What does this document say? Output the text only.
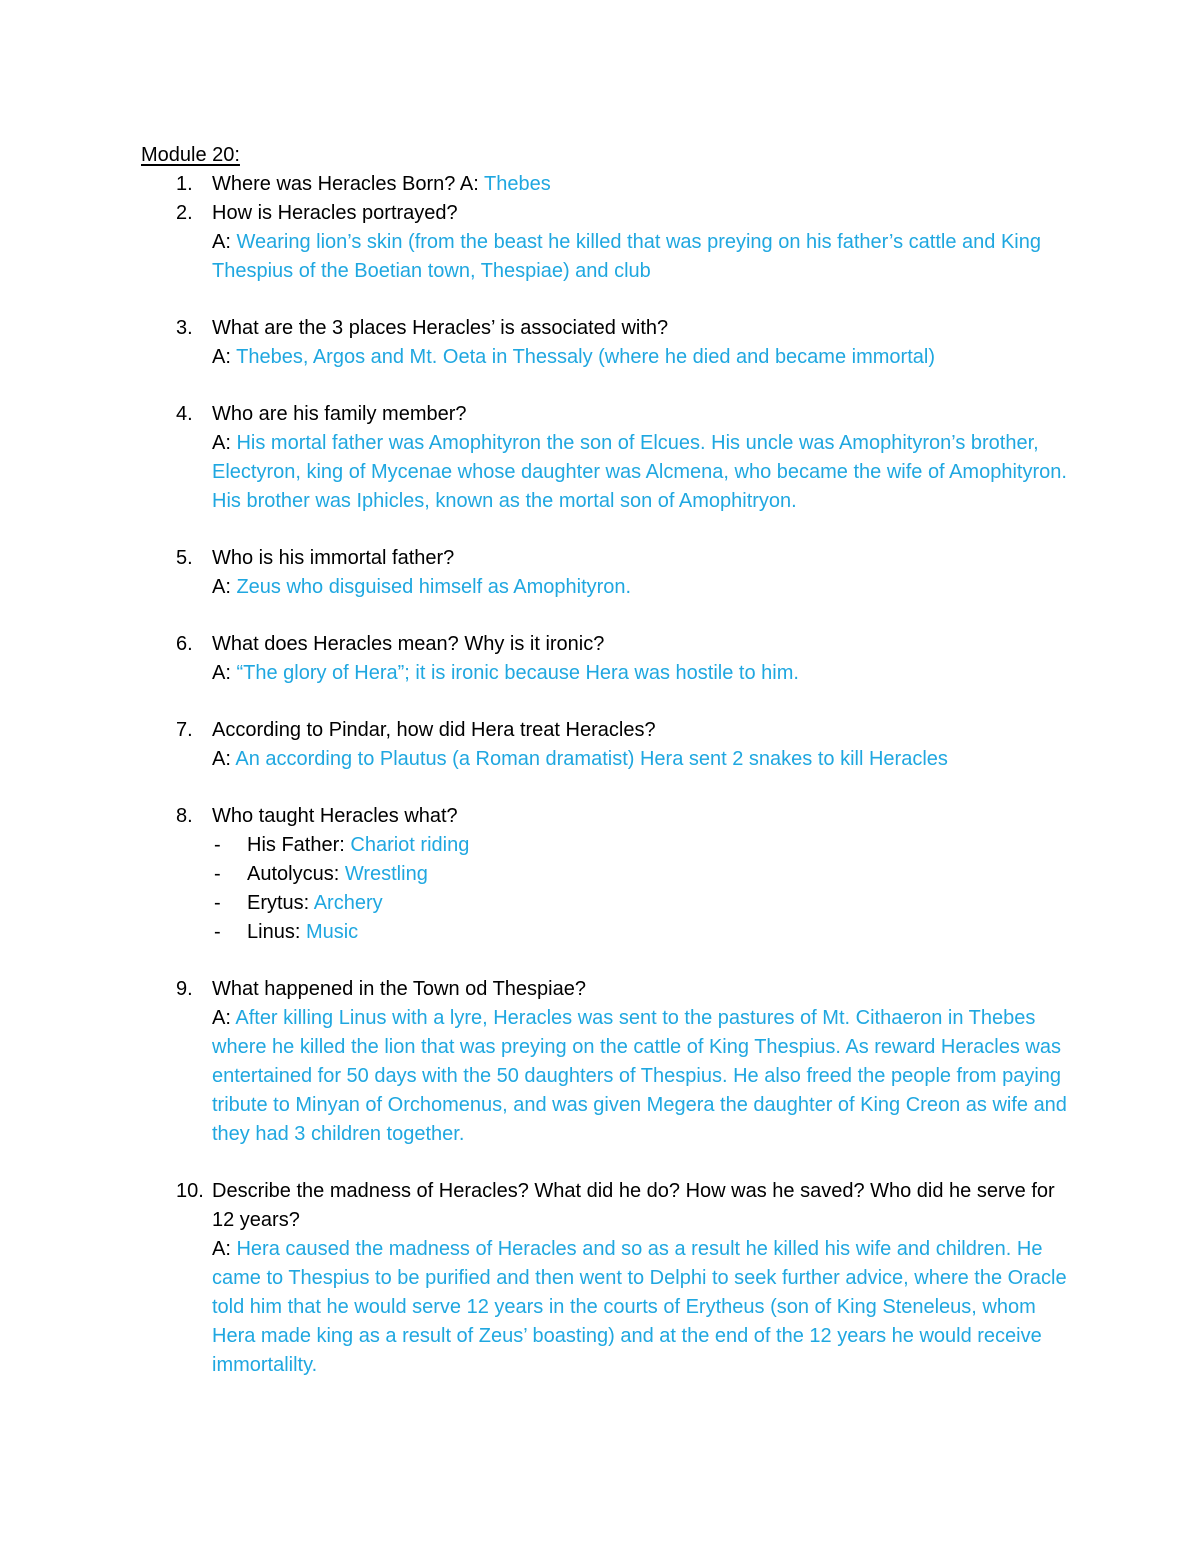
Module 20:
1. Where was Heracles Born? A: Thebes
2. How is Heracles portrayed?
A: Wearing lion’s skin (from the beast he killed that was preying on his father’s cattle and King Thespius of the Boetian town, Thespiae) and club
3. What are the 3 places Heracles’ is associated with?
A: Thebes, Argos and Mt. Oeta in Thessaly (where he died and became immortal)
4. Who are his family member?
A: His mortal father was Amophityron the son of Elcues. His uncle was Amophityron’s brother, Electyron, king of Mycenae whose daughter was Alcmena, who became the wife of Amophityron. His brother was Iphicles, known as the mortal son of Amophitryon.
5. Who is his immortal father?
A: Zeus who disguised himself as Amophityron.
6. What does Heracles mean? Why is it ironic?
A: “The glory of Hera”; it is ironic because Hera was hostile to him.
7. According to Pindar, how did Hera treat Heracles?
A: An according to Plautus (a Roman dramatist) Hera sent 2 snakes to kill Heracles
8. Who taught Heracles what?
- His Father: Chariot riding
- Autolycus: Wrestling
- Erytus: Archery
- Linus: Music
9. What happened in the Town od Thespiae?
A: After killing Linus with a lyre, Heracles was sent to the pastures of Mt. Cithaeron in Thebes where he killed the lion that was preying on the cattle of King Thespius. As reward Heracles was entertained for 50 days with the 50 daughters of Thespius. He also freed the people from paying tribute to Minyan of Orchomenus, and was given Megera the daughter of King Creon as wife and they had 3 children together.
10. Describe the madness of Heracles? What did he do? How was he saved? Who did he serve for 12 years?
A: Hera caused the madness of Heracles and so as a result he killed his wife and children. He came to Thespius to be purified and then went to Delphi to seek further advice, where the Oracle told him that he would serve 12 years in the courts of Erytheus (son of King Steneleus, whom Hera made king as a result of Zeus’ boasting) and at the end of the 12 years he would receive immortalilty.
